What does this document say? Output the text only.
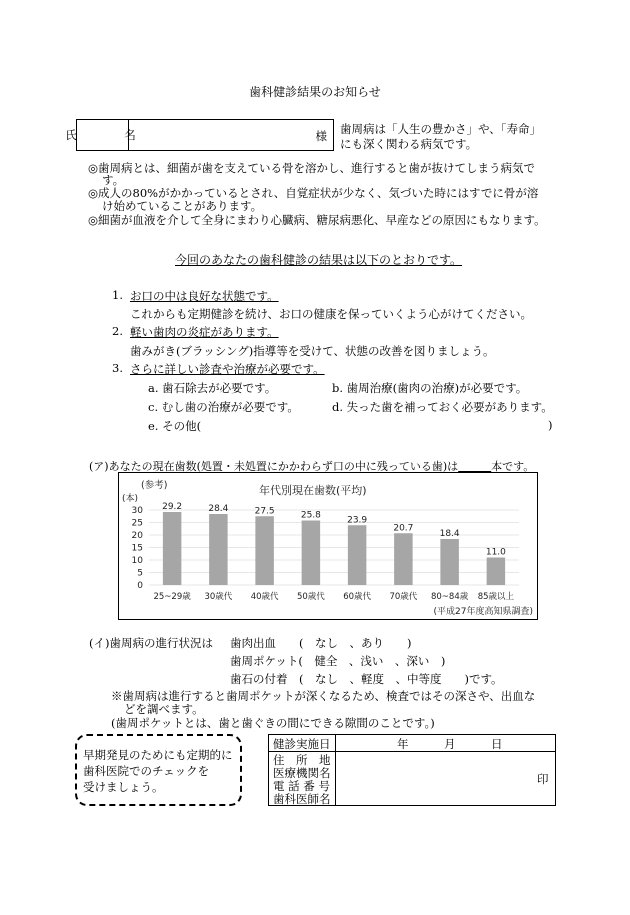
歯科健診結果のお知らせ
氏　名	様 歯周病は「人生の豊かさ」や、「寿命」
にも深く関わる病気です。
◎歯周病とは、細菌が歯を支えている骨を溶かし、進行すると歯が抜けてしまう病気で
す。
◎成人の80%がかかっているとされ、自覚症状が少なく、気づいた時にはすでに骨が溶
け始めていることがあります。
◎細菌が血液を介して全身にまわり心臓病、糖尿病悪化、早産などの原因にもなります。
今回のあなたの歯科健診の結果は以下のとおりです。
1. お口の中は良好な状態です。
これからも定期健診を続け、お口の健康を保っていくよう心がけてください。
2. 軽い歯肉の炎症があります。
歯みがき(ブラッシング)指導等を受けて、状態の改善を図りましょう。
3. さらに詳しい診査や治療が必要です。
a. 歯石除去が必要です。	b. 歯周治療(歯肉の治療)が必要です。
c. むし歯の治療が必要です。	d. 失った歯を補っておく必要があります。
e. その他(	)
(ア)あなたの現在歯数(処置・未処置にかかわらず口の中に残っている歯)は　　　	本です。
(参考)	年代別現在歯数(平均)
(本)
(平成27年度高知県調査)
0
5
10
15
20
25
30 29.2
25~29歳
28.4
30歳代
27.5
40歳代
25.8
50歳代
23.9
60歳代
20.7
70歳代
18.4
80~84歳
11.0
85歳以上
(イ)歯周病の進行状況は 歯肉出血　　(　なし　、あり　　)
歯周ポケット(　健全　、浅い　、深い　)
歯石の付着　(　なし　、軽度　、中等度　　)です。
※歯周病は進行すると歯周ポケットが深くなるため、検査ではその深さや、出血な
どを調べます。
(歯周ポケットとは、歯と歯ぐきの間にできる隙間のことです。)
早期発見のためにも定期的に
歯科医院でのチェックを
受けましょう。
健診実施日	年	月	日
住　所　地
医療機関名
電 話 番 号
歯科医師名
印
